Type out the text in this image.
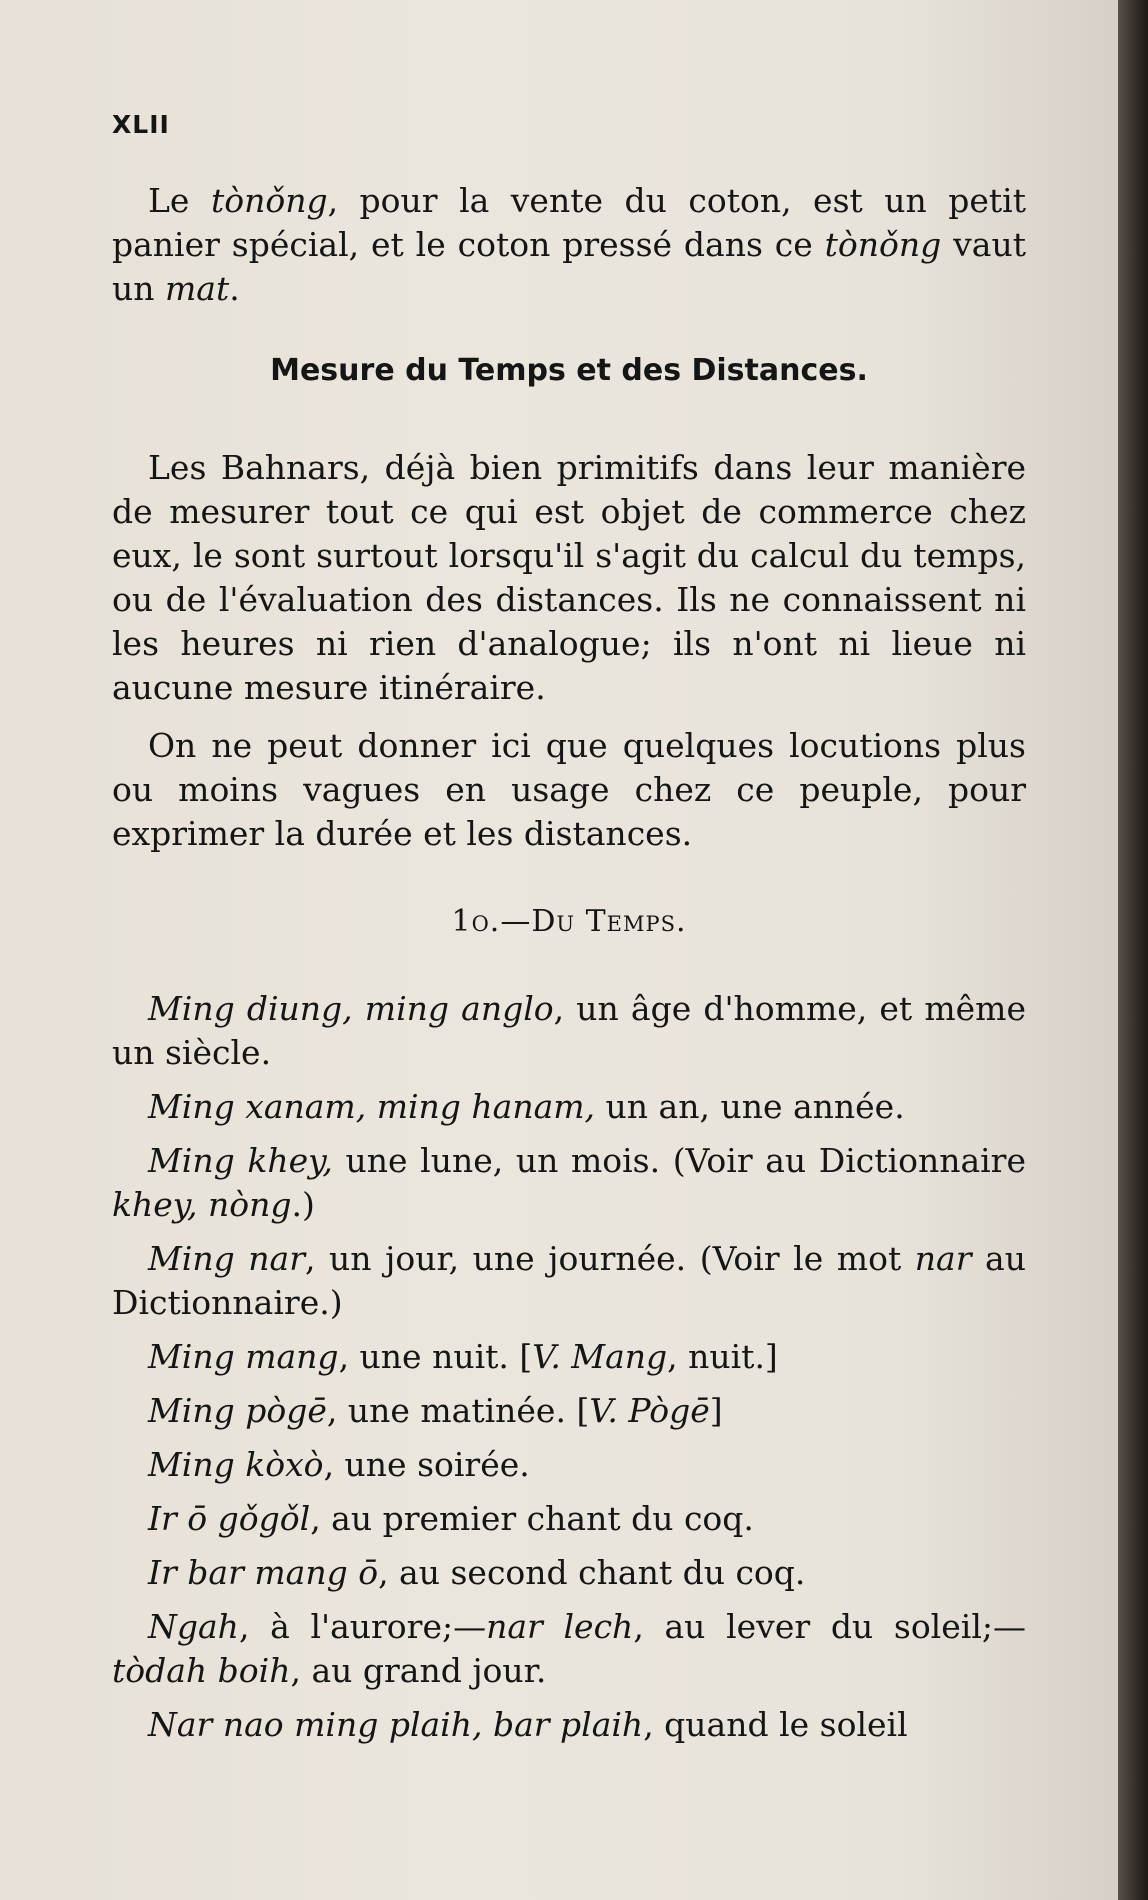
XLII

Le tònǒng, pour la vente du coton, est un petit panier spécial, et le coton pressé dans ce tònǒng vaut un mat.

Mesure du Temps et des Distances.

Les Bahnars, déjà bien primitifs dans leur manière de mesurer tout ce qui est objet de commerce chez eux, le sont surtout lorsqu'il s'agit du calcul du temps, ou de l'évaluation des distances. Ils ne connaissent ni les heures ni rien d'analogue; ils n'ont ni lieue ni aucune mesure itinéraire.

On ne peut donner ici que quelques locutions plus ou moins vagues en usage chez ce peuple, pour exprimer la durée et les distances.

1o.—Du Temps.

Ming diung, ming anglo, un âge d'homme, et même un siècle.

Ming xanam, ming hanam, un an, une année.

Ming khey, une lune, un mois. (Voir au Dictionnaire khey, nòng.)

Ming nar, un jour, une journée. (Voir le mot nar au Dictionnaire.)

Ming mang, une nuit. [V. Mang, nuit.]

Ming pògē, une matinée. [V. Pògē]

Ming kòxò, une soirée.

Ir ō gǒgǒl, au premier chant du coq.

Ir bar mang ō, au second chant du coq.

Ngah, à l'aurore;—nar lech, au lever du soleil;—tòdah boih, au grand jour.

Nar nao ming plaih, bar plaih, quand le soleil
